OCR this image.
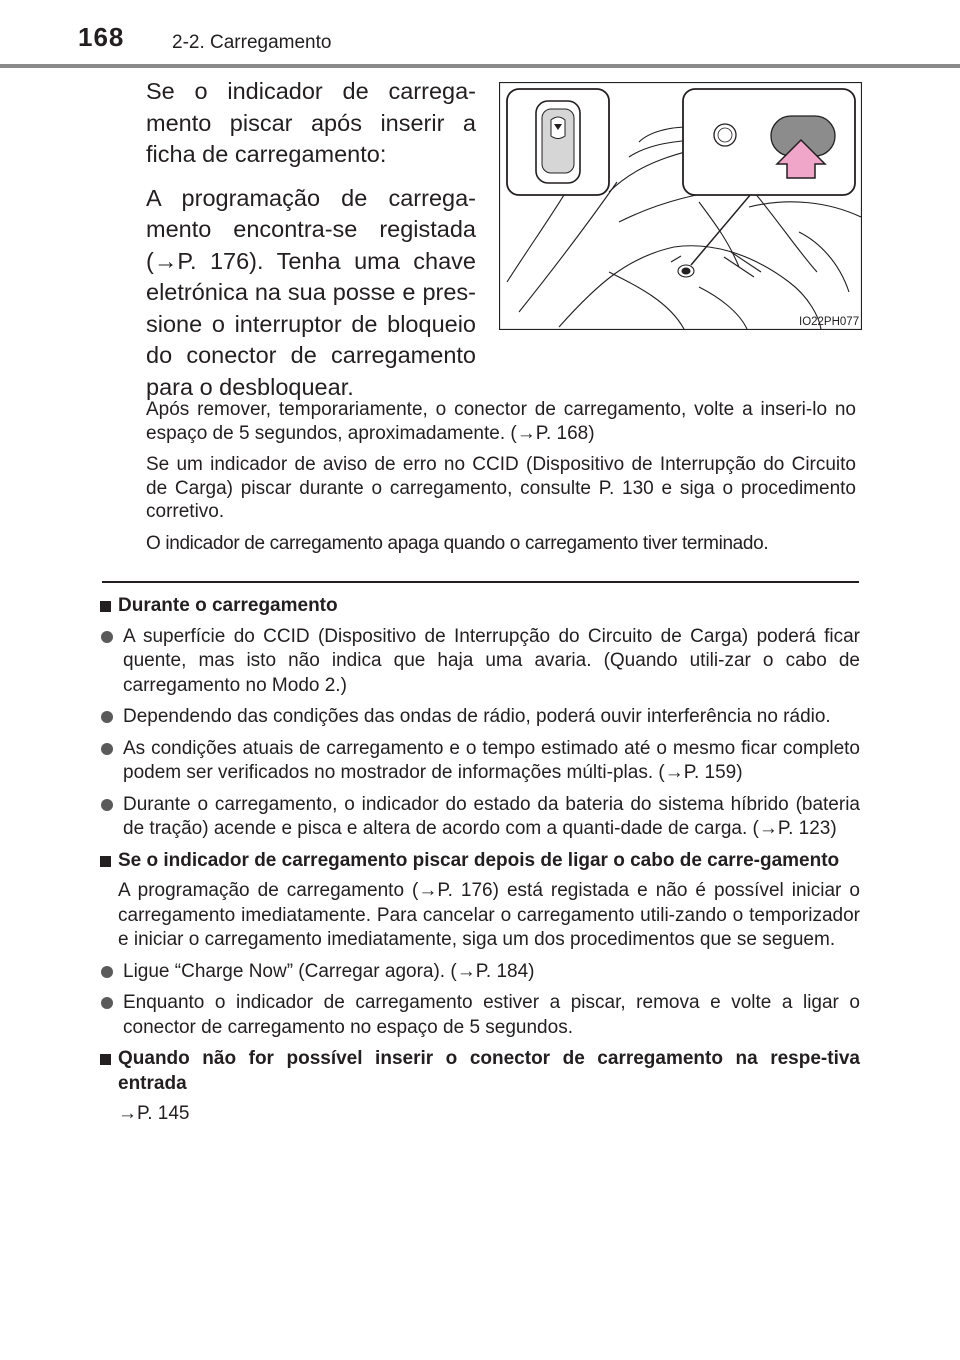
168	2-2. Carregamento

Se o indicador de carrega-mento piscar após inserir a ficha de carregamento:

A programação de carrega-mento encontra-se registada (→P. 176). Tenha uma chave eletrónica na sua posse e pres-sione o interruptor de bloqueio do conector de carregamento para o desbloquear.

IO22PH077

Após remover, temporariamente, o conector de carregamento, volte a inseri-lo no espaço de 5 segundos, aproximadamente. (→P. 168)

Se um indicador de aviso de erro no CCID (Dispositivo de Interrupção do Circuito de Carga) piscar durante o carregamento, consulte P. 130 e siga o procedimento corretivo.

O indicador de carregamento apaga quando o carregamento tiver terminado.

Durante o carregamento
A superfície do CCID (Dispositivo de Interrupção do Circuito de Carga) poderá ficar quente, mas isto não indica que haja uma avaria. (Quando utili-zar o cabo de carregamento no Modo 2.)
Dependendo das condições das ondas de rádio, poderá ouvir interferência no rádio.
As condições atuais de carregamento e o tempo estimado até o mesmo ficar completo podem ser verificados no mostrador de informações múlti-plas. (→P. 159)
Durante o carregamento, o indicador do estado da bateria do sistema híbrido (bateria de tração) acende e pisca e altera de acordo com a quanti-dade de carga. (→P. 123)
Se o indicador de carregamento piscar depois de ligar o cabo de carre-gamento
A programação de carregamento (→P. 176) está registada e não é possível iniciar o carregamento imediatamente. Para cancelar o carregamento utili-zando o temporizador e iniciar o carregamento imediatamente, siga um dos procedimentos que se seguem.
Ligue “Charge Now” (Carregar agora). (→P. 184)
Enquanto o indicador de carregamento estiver a piscar, remova e volte a ligar o conector de carregamento no espaço de 5 segundos.
Quando não for possível inserir o conector de carregamento na respe-tiva entrada
→P. 145
